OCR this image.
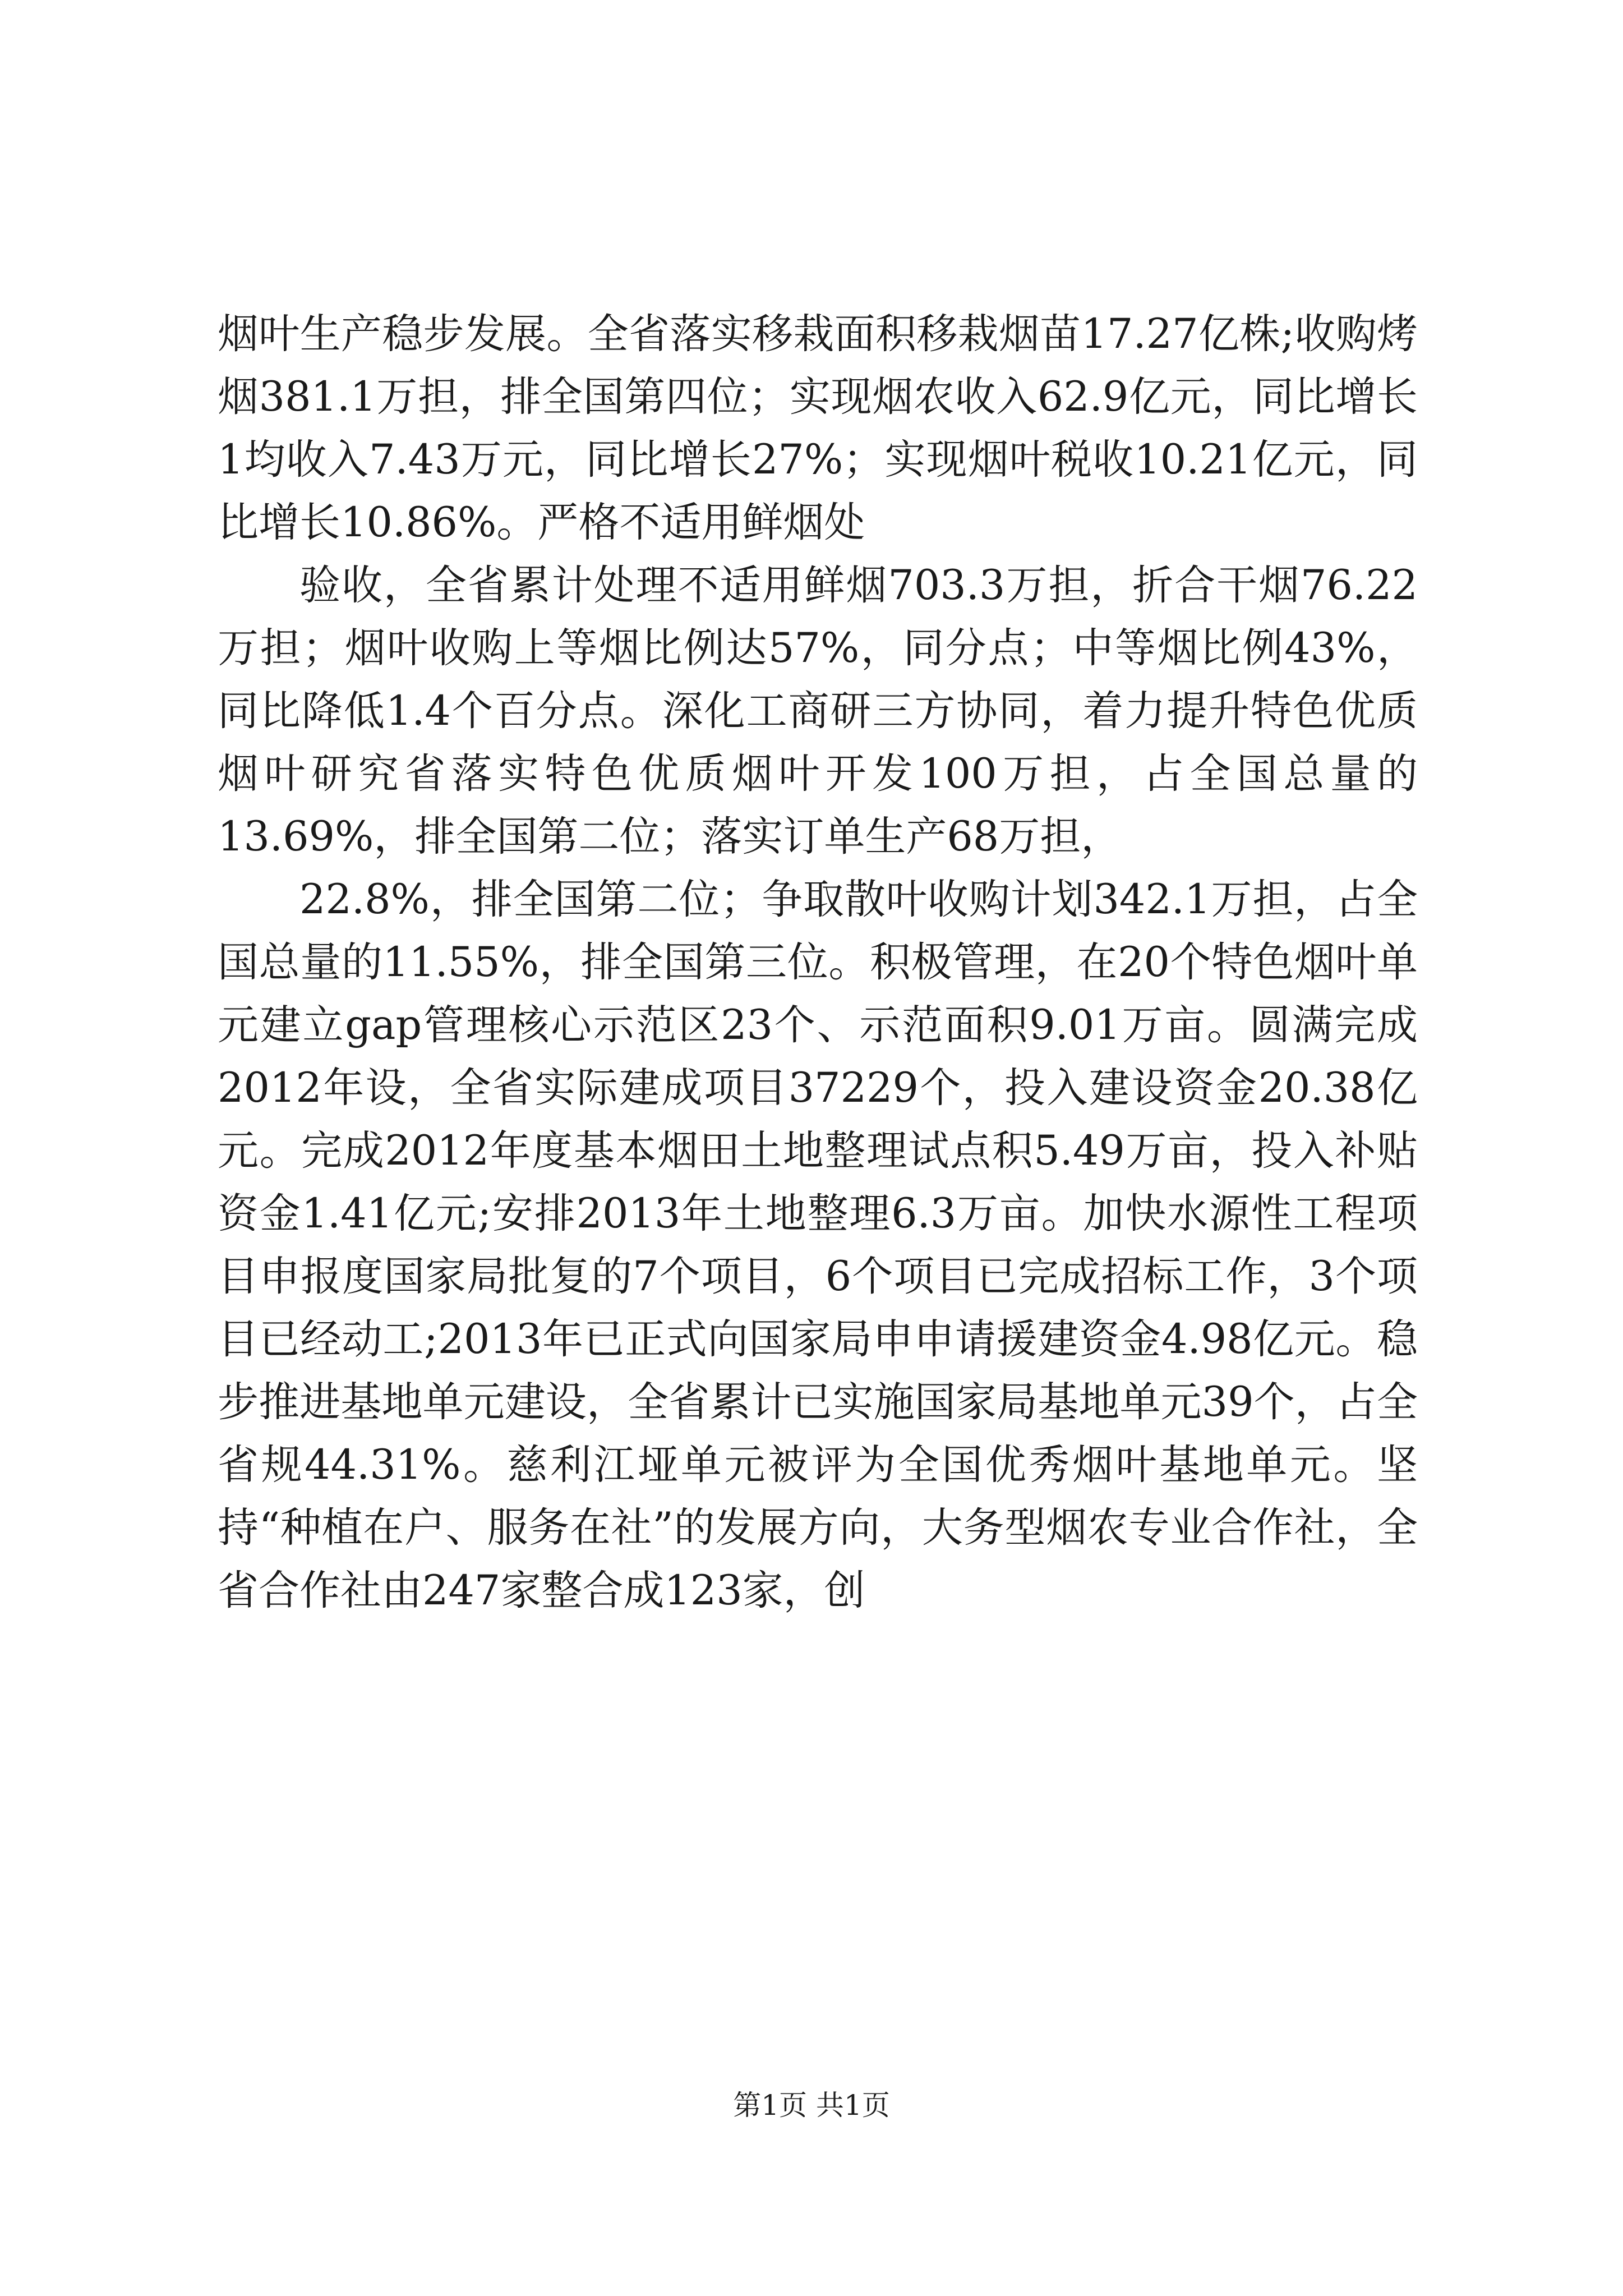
烟叶生产稳步发展。全省落实移栽面积移栽烟苗17.27亿株;收购烤烟381.1万担，排全国第四位；实现烟农收入62.9亿元，同比增长1均收入7.43万元，同比增长27%；实现烟叶税收10.21亿元，同比增长10.86%。严格不适用鲜烟处

验收，全省累计处理不适用鲜烟703.3万担，折合干烟76.22万担；烟叶收购上等烟比例达57%，同分点；中等烟比例43%，同比降低1.4个百分点。深化工商研三方协同，着力提升特色优质烟叶研究省落实特色优质烟叶开发100万担，占全国总量的13.69%，排全国第二位；落实订单生产68万担，

22.8%，排全国第二位；争取散叶收购计划342.1万担，占全国总量的11.55%，排全国第三位。积极管理，在20个特色烟叶单元建立gap管理核心示范区23个、示范面积9.01万亩。圆满完成2012年设，全省实际建成项目37229个，投入建设资金20.38亿元。完成2012年度基本烟田土地整理试点积5.49万亩，投入补贴资金1.41亿元;安排2013年土地整理6.3万亩。加快水源性工程项目申报度国家局批复的7个项目，6个项目已完成招标工作，3个项目已经动工;2013年已正式向国家局申申请援建资金4.98亿元。稳步推进基地单元建设，全省累计已实施国家局基地单元39个，占全省规44.31%。慈利江垭单元被评为全国优秀烟叶基地单元。坚持“种植在户、服务在社”的发展方向，大务型烟农专业合作社，全省合作社由247家整合成123家，创

第1页 共1页
